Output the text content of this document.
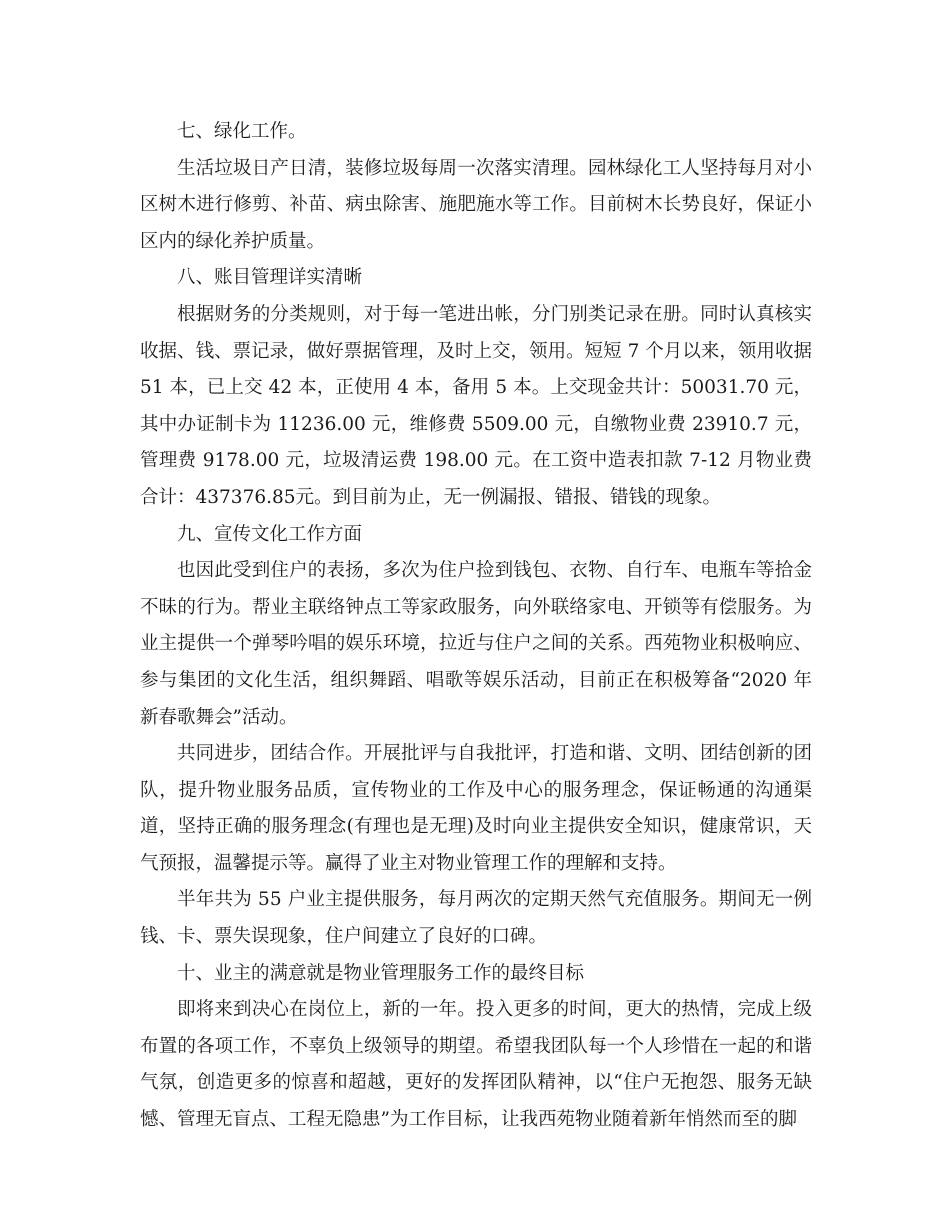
七、绿化工作。

生活垃圾日产日清，装修垃圾每周一次落实清理。园林绿化工人坚持每月对小区树木进行修剪、补苗、病虫除害、施肥施水等工作。目前树木长势良好，保证小区内的绿化养护质量。

八、账目管理详实清晰

根据财务的分类规则，对于每一笔进出帐，分门别类记录在册。同时认真核实收据、钱、票记录，做好票据管理，及时上交，领用。短短 7 个月以来，领用收据 51 本，已上交 42 本，正使用 4 本，备用 5 本。上交现金共计：50031.70 元，其中办证制卡为 11236.00 元，维修费 5509.00 元，自缴物业费 23910.7 元，管理费 9178.00 元，垃圾清运费 198.00 元。在工资中造表扣款 7-12 月物业费合计：437376.85元。到目前为止，无一例漏报、错报、错钱的现象。

九、宣传文化工作方面

也因此受到住户的表扬，多次为住户捡到钱包、衣物、自行车、电瓶车等拾金不昧的行为。帮业主联络钟点工等家政服务，向外联络家电、开锁等有偿服务。为业主提供一个弹琴吟唱的娱乐环境，拉近与住户之间的关系。西苑物业积极响应、参与集团的文化生活，组织舞蹈、唱歌等娱乐活动，目前正在积极筹备“2020 年新春歌舞会”活动。

共同进步，团结合作。开展批评与自我批评，打造和谐、文明、团结创新的团队，提升物业服务品质，宣传物业的工作及中心的服务理念，保证畅通的沟通渠道，坚持正确的服务理念(有理也是无理)及时向业主提供安全知识，健康常识，天气预报，温馨提示等。赢得了业主对物业管理工作的理解和支持。

半年共为 55 户业主提供服务，每月两次的定期天然气充值服务。期间无一例钱、卡、票失误现象，住户间建立了良好的口碑。

十、业主的满意就是物业管理服务工作的最终目标

即将来到决心在岗位上，新的一年。投入更多的时间，更大的热情，完成上级布置的各项工作，不辜负上级领导的期望。希望我团队每一个人珍惜在一起的和谐气氛，创造更多的惊喜和超越，更好的发挥团队精神，以“住户无抱怨、服务无缺憾、管理无盲点、工程无隐患”为工作目标，让我西苑物业随着新年悄然而至的脚
